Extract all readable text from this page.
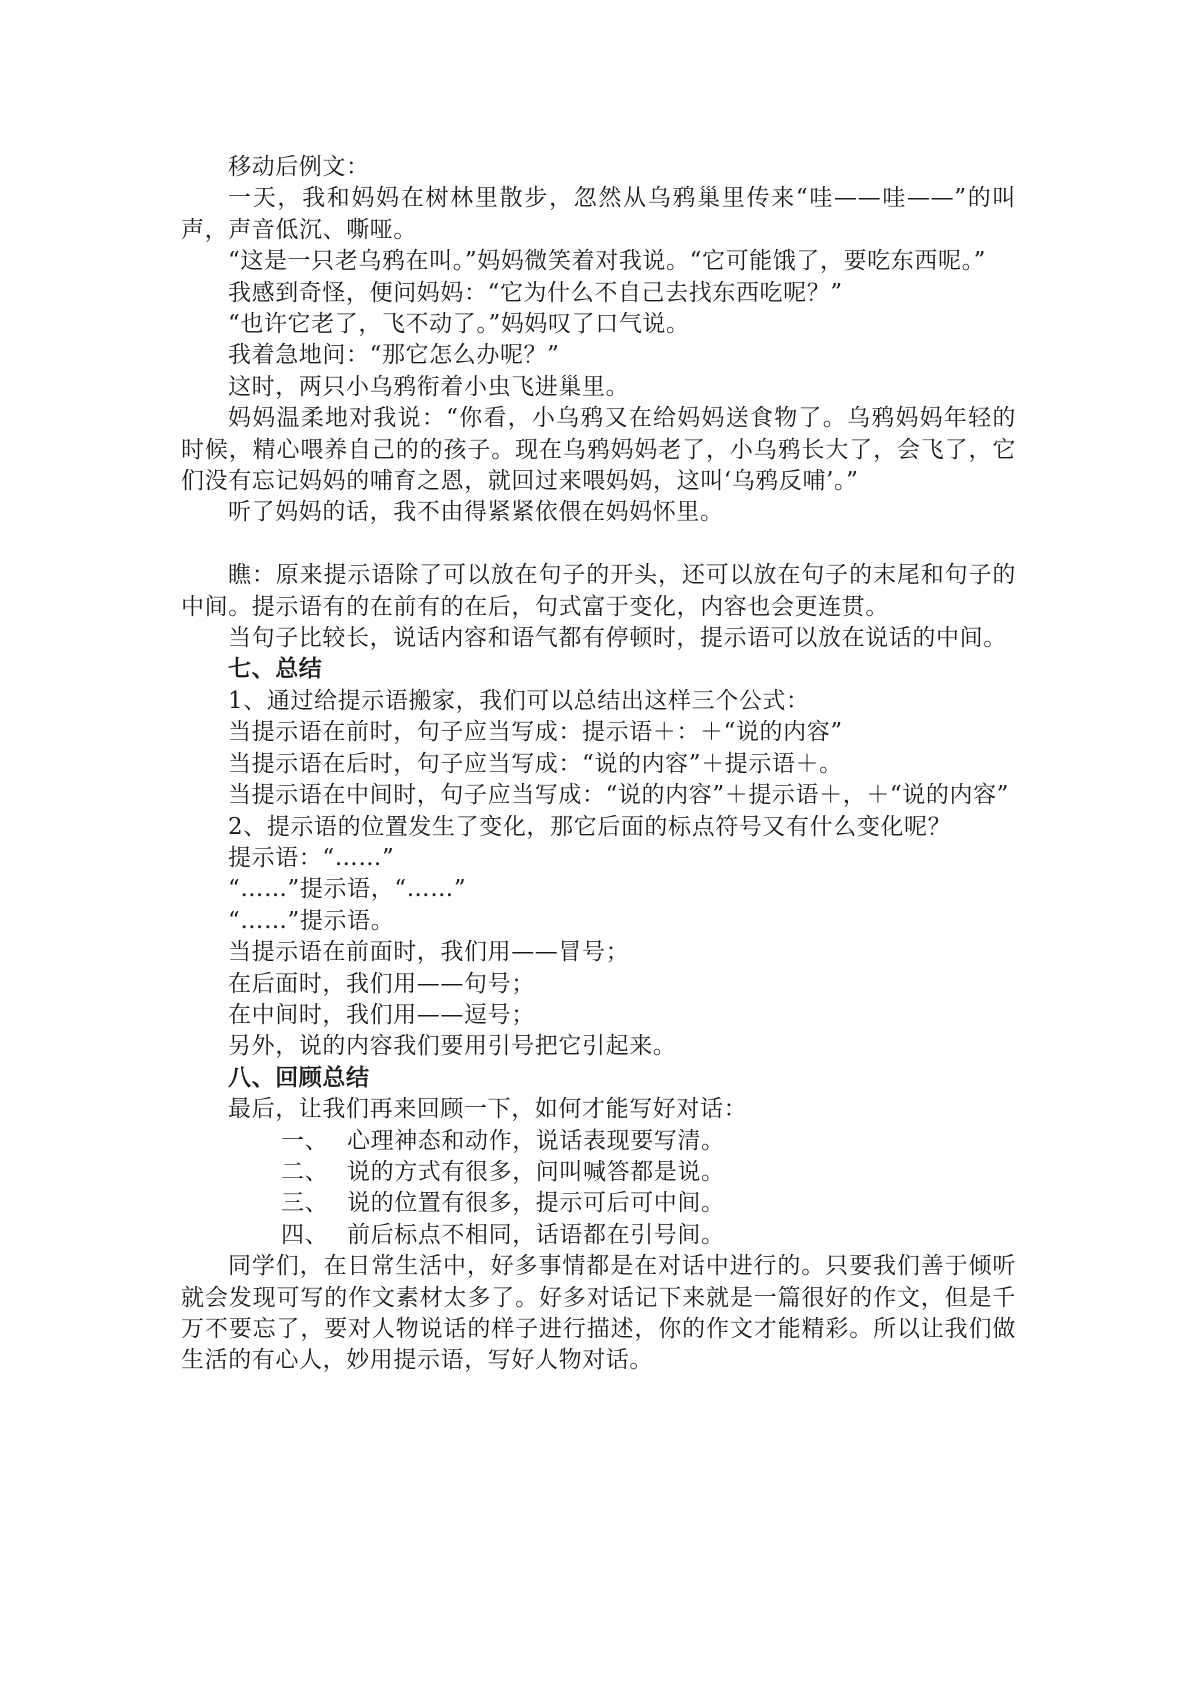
移动后例文：

一天，我和妈妈在树林里散步，忽然从乌鸦巢里传来“哇——哇——”的叫声，声音低沉、嘶哑。

“这是一只老乌鸦在叫。”妈妈微笑着对我说。“它可能饿了，要吃东西呢。”

我感到奇怪，便问妈妈：“它为什么不自己去找东西吃呢？”

“也许它老了，飞不动了。”妈妈叹了口气说。

我着急地问：“那它怎么办呢？”

这时，两只小乌鸦衔着小虫飞进巢里。

妈妈温柔地对我说：“你看，小乌鸦又在给妈妈送食物了。乌鸦妈妈年轻的时候，精心喂养自己的的孩子。现在乌鸦妈妈老了，小乌鸦长大了，会飞了，它们没有忘记妈妈的哺育之恩，就回过来喂妈妈，这叫‘乌鸦反哺’。”

听了妈妈的话，我不由得紧紧依偎在妈妈怀里。

瞧：原来提示语除了可以放在句子的开头，还可以放在句子的末尾和句子的中间。提示语有的在前有的在后，句式富于变化，内容也会更连贯。

当句子比较长，说话内容和语气都有停顿时，提示语可以放在说话的中间。

七、总结

1、通过给提示语搬家，我们可以总结出这样三个公式：

当提示语在前时，句子应当写成：提示语＋：＋“说的内容”

当提示语在后时，句子应当写成：“说的内容”＋提示语＋。

当提示语在中间时，句子应当写成：“说的内容”＋提示语＋，＋“说的内容”

2、提示语的位置发生了变化，那它后面的标点符号又有什么变化呢？

提示语：“……”

“……”提示语，“……”

“……”提示语。

当提示语在前面时，我们用——冒号；

在后面时，我们用——句号；

在中间时，我们用——逗号；

另外，说的内容我们要用引号把它引起来。

八、回顾总结

最后，让我们再来回顾一下，如何才能写好对话：

一、 心理神态和动作，说话表现要写清。

二、 说的方式有很多，问叫喊答都是说。

三、 说的位置有很多，提示可后可中间。

四、 前后标点不相同，话语都在引号间。

同学们，在日常生活中，好多事情都是在对话中进行的。只要我们善于倾听就会发现可写的作文素材太多了。好多对话记下来就是一篇很好的作文，但是千万不要忘了，要对人物说话的样子进行描述，你的作文才能精彩。所以让我们做生活的有心人，妙用提示语，写好人物对话。
